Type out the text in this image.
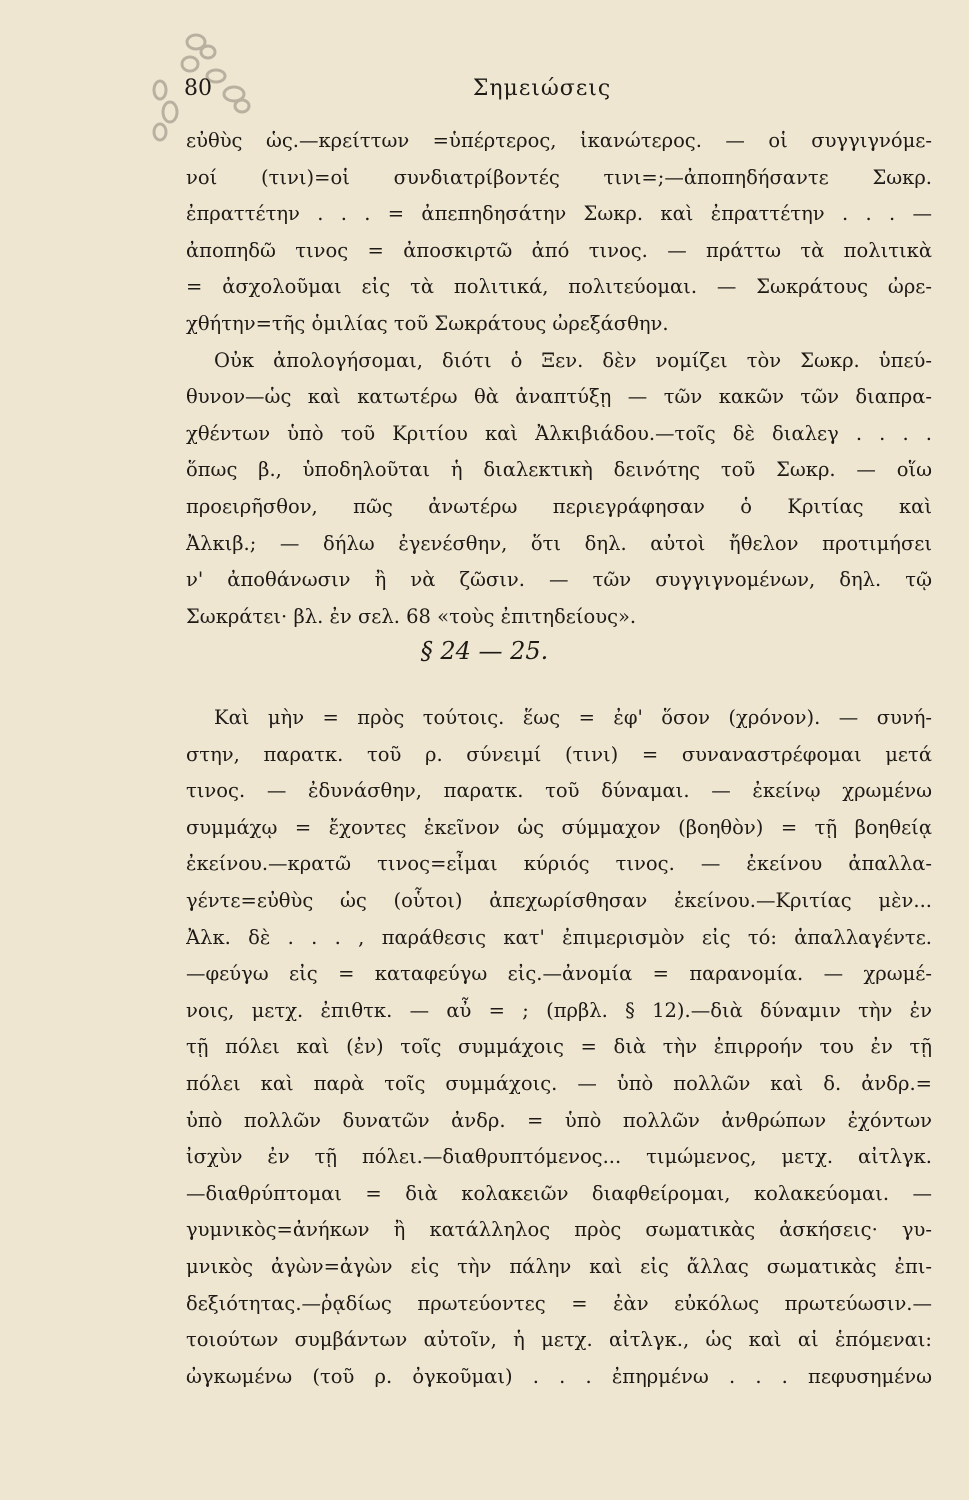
80	Σημειώσεις
εὐθὺς ὡς.—κρείττων =ὑπέρτερος, ἱκανώτερος. — οἱ συγγιγνόμε-
νοί (τινι)=οἱ συνδιατρίβοντές τινι=;—ἀποπηδήσαντε Σωκρ.
ἐπραττέτην . . . = ἀπεπηδησάτην Σωκρ. καὶ ἐπραττέτην . . . —
ἀποπηδῶ τινος = ἀποσκιρτῶ ἀπό τινος. — πράττω τὰ πολιτικὰ
= ἀσχολοῦμαι εἰς τὰ πολιτικά, πολιτεύομαι. — Σωκράτους ὠρε-
χθήτην=τῆς ὁμιλίας τοῦ Σωκράτους ὠρεξάσθην.
Οὐκ ἀπολογήσομαι, διότι ὁ Ξεν. δὲν νομίζει τὸν Σωκρ. ὑπεύ-
θυνον—ὡς καὶ κατωτέρω θὰ ἀναπτύξῃ — τῶν κακῶν τῶν διαπρα-
χθέντων ὑπὸ τοῦ Κριτίου καὶ Ἀλκιβιάδου.—τοῖς δὲ διαλεγ . . . .
ὅπως β., ὑποδηλοῦται ἡ διαλεκτικὴ δεινότης τοῦ Σωκρ. — οἵω
προειρῆσθον, πῶς ἀνωτέρω περιεγράφησαν ὁ Κριτίας καὶ
Ἀλκιβ.; — δήλω ἐγενέσθην, ὅτι δηλ. αὐτοὶ ἤθελον προτιμήσει
ν' ἀποθάνωσιν ἢ νὰ ζῶσιν. — τῶν συγγιγνομένων, δηλ. τῷ
Σωκράτει· βλ. ἐν σελ. 68 «τοὺς ἐπιτηδείους».
§ 24 — 25.
Καὶ μὴν = πρὸς τούτοις. ἕως = ἐφ' ὅσον (χρόνον). — συνή-
στην, παρατκ. τοῦ ρ. σύνειμί (τινι) = συναναστρέφομαι μετά
τινος. — ἐδυνάσθην, παρατκ. τοῦ δύναμαι. — ἐκείνῳ χρωμένω
συμμάχῳ = ἔχοντες ἐκεῖνον ὡς σύμμαχον (βοηθὸν) = τῇ βοηθείᾳ
ἐκείνου.—κρατῶ τινος=εἶμαι κύριός τινος. — ἐκείνου ἀπαλλα-
γέντε=εὐθὺς ὡς (οὗτοι) ἀπεχωρίσθησαν ἐκείνου.—Κριτίας μὲν...
Ἀλκ. δὲ . . . , παράθεσις κατ' ἐπιμερισμὸν εἰς τό: ἀπαλλαγέντε.
—φεύγω εἰς = καταφεύγω εἰς.—ἀνομία = παρανομία. — χρωμέ-
νοις, μετχ. ἐπιθτκ. — αὖ = ; (πρβλ. § 12).—διὰ δύναμιν τὴν ἐν
τῇ πόλει καὶ (ἐν) τοῖς συμμάχοις = διὰ τὴν ἐπιρροήν του ἐν τῇ
πόλει καὶ παρὰ τοῖς συμμάχοις. — ὑπὸ πολλῶν καὶ δ. ἀνδρ.=
ὑπὸ πολλῶν δυνατῶν ἀνδρ. = ὑπὸ πολλῶν ἀνθρώπων ἐχόντων
ἰσχὺν ἐν τῇ πόλει.—διαθρυπτόμενος... τιμώμενος, μετχ. αἰτλγκ.
—διαθρύπτομαι = διὰ κολακειῶν διαφθείρομαι, κολακεύομαι. —
γυμνικὸς=ἀνήκων ἢ κατάλληλος πρὸς σωματικὰς ἀσκήσεις· γυ-
μνικὸς ἀγὼν=ἀγὼν εἰς τὴν πάλην καὶ εἰς ἄλλας σωματικὰς ἐπι-
δεξιότητας.—ῥᾳδίως πρωτεύοντες = ἐὰν εὐκόλως πρωτεύωσιν.—
τοιούτων συμβάντων αὐτοῖν, ἡ μετχ. αἰτλγκ., ὡς καὶ αἱ ἑπόμεναι:
ὠγκωμένω (τοῦ ρ. ὀγκοῦμαι) . . . ἐπηρμένω . . . πεφυσημένω
